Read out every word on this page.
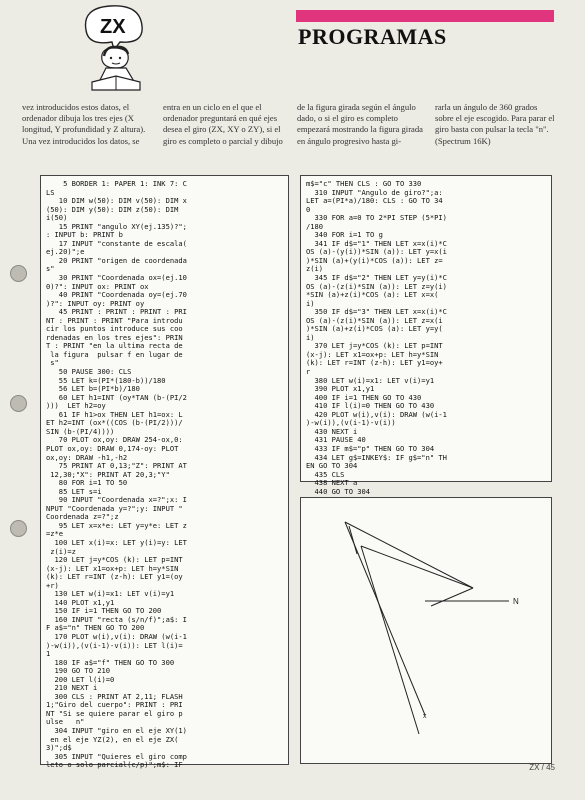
ZX	PROGRAMAS
vez introducidos estos datos, el ordenador dibuja los tres ejes (X longitud, Y profundidad y Z altura). Una vez introducidos los datos, se
entra en un ciclo en el que el ordenador preguntará en qué ejes desea el giro (ZX, XY o ZY), si el giro es completo o parcial y dibujo
de la figura girada según el ángulo dado, o si el giro es completo empezará mostrando la figura girada en ángulo progresivo hasta gi-
rarla un ángulo de 360 grados sobre el eje escogido. Para parar el giro basta con pulsar la tecla "n". (Spectrum 16K)
5 BORDER 1: PAPER 1: INK 7: C
LS
10 DIM w(50): DIM v(50): DIM x
(50): DIM y(50): DIM z(50): DIM
i(50)
15 PRINT "angulo XY(ej.135)?";
: INPUT b: PRINT b
17 INPUT "constante de escala(
ej.20)";e
20 PRINT "origen de coordenada
s"
30 PRINT "Coordenada ox=(ej.10
0)?": INPUT ox: PRINT ox
40 PRINT "Coordenada oy=(ej.70
)?": INPUT oy: PRINT oy
45 PRINT : PRINT : PRINT : PRI
NT : PRINT : PRINT "Para introdu
cir los puntos introduce sus coo
rdenadas en los tres ejes": PRIN
T : PRINT "en la ultima recta de
la figura  pulsar f en lugar de
s"
50 PAUSE 300: CLS
55 LET k=(PI*(180-b))/180
56 LET b=(PI*b)/180
60 LET h1=INT (oy*TAN (b-(PI/2
)))  LET h2=oy
61 IF h1>ox THEN LET h1=ox: L
ET h2=INT (ox*((COS (b-(PI/2)))/
SIN (b-(PI/4))))
70 PLOT ox,oy: DRAW 254-ox,0:
PLOT ox,oy: DRAW 0,174-oy: PLOT
ox,oy: DRAW -h1,-h2
75 PRINT AT 0,13;"Z": PRINT AT
12,30;"X": PRINT AT 20,3;"Y"
80 FOR i=1 TO 50
85 LET s=i
90 INPUT "Coordenada x=?";x: I
NPUT "Coordenada y=?";y: INPUT "
Coordenada z=?";z
95 LET x=x*e: LET y=y*e: LET z
=z*e
100 LET x(i)=x: LET y(i)=y: LET
z(i)=z
120 LET j=y*COS (k): LET p=INT
(x-j): LET x1=ox+p: LET h=y*SIN
(k): LET r=INT (z-h): LET y1=(oy
+r)
130 LET w(i)=x1: LET v(i)=y1
140 PLOT x1,y1
150 IF i=1 THEN GO TO 200
160 INPUT "recta (s/n/f)";a$: I
F a$="n" THEN GO TO 200
170 PLOT w(i),v(i): DRAW (w(i-1
)-w(i)),(v(i-1)-v(i)): LET l(i)=
1
180 IF a$="f" THEN GO TO 300
190 GO TO 210
200 LET l(i)=0
210 NEXT i
300 CLS : PRINT AT 2,11; FLASH
1;"Giro del cuerpo": PRINT : PRI
NT "Si se quiere parar el giro p
ulse   n"
304 INPUT "giro en el eje XY(1)
en el eje YZ(2), en el eje ZX(
3)";d$
305 INPUT "Quieres el giro comp
leto o solo parcial(c/p)";m$: IF
m$="c" THEN CLS : GO TO 330
310 INPUT "Angulo de giro?";a:
LET a=(PI*a)/180: CLS : GO TO 34
0
330 FOR a=0 TO 2*PI STEP (5*PI)
/180
340 FOR i=1 TO g
341 IF d$="1" THEN LET x=x(i)*C
OS (a)-(y(i))*SIN (a)): LET y=x(i
)*SIN (a)+(y(i)*COS (a)): LET z=
z(i)
345 IF d$="2" THEN LET y=y(i)*C
OS (a)-(z(i)*SIN (a)): LET z=y(i)
*SIN (a)+z(i)*COS (a): LET x=x(
i)
350 IF d$="3" THEN LET x=x(i)*C
OS (a)-(z(i)*SIN (a)): LET z=x(i
)*SIN (a)+z(i)*COS (a): LET y=y(
i)
370 LET j=y*COS (k): LET p=INT
(x-j): LET x1=ox+p: LET h=y*SIN
(k): LET r=INT (z-h): LET y1=oy+
r
380 LET w(i)=x1: LET v(i)=y1
390 PLOT x1,y1
400 IF i=1 THEN GO TO 430
410 IF l(i)=0 THEN GO TO 430
420 PLOT w(i),v(i): DRAW (w(i-1
)-w(i)),(v(i-1)-v(i))
430 NEXT i
431 PAUSE 40
433 IF m$="p" THEN GO TO 304
434 LET g$=INKEY$: IF g$="n" TH
EN GO TO 304
435 CLS
438 NEXT a
440 GO TO 304
N
x
ZX / 45
